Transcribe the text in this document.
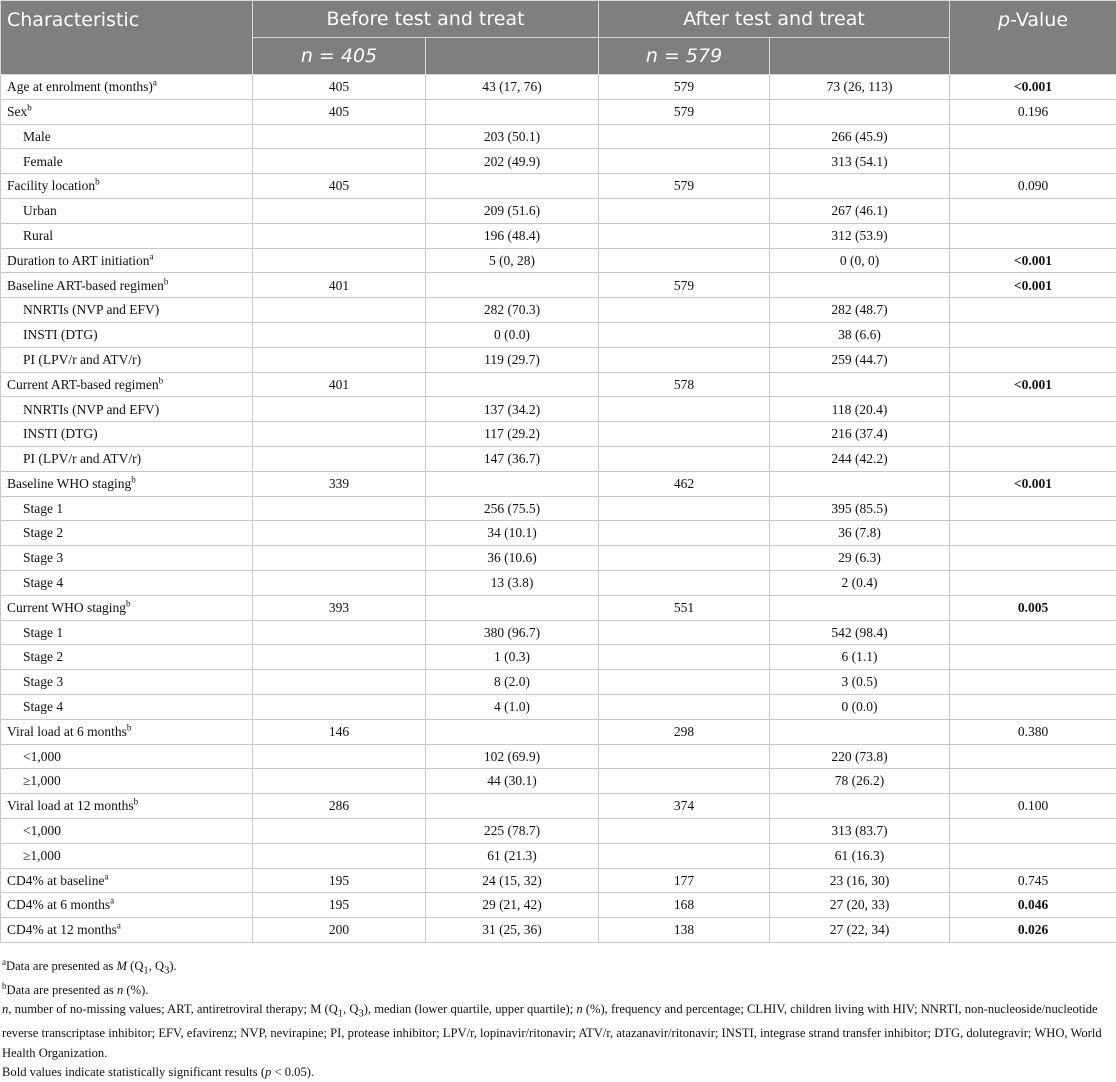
Characteristic	Before test and treat		After test and treat		p-Value
	n = 405		n = 579		
Age at enrolment (months)$^a$	405	43 (17, 76)	579	73 (26, 113)	<0.001
Sex$^b$	405		579		0.196
Male		203 (50.1)		266 (45.9)	
Female		202 (49.9)		313 (54.1)	
Facility location$^b$	405		579		0.090
Urban		209 (51.6)		267 (46.1)	
Rural		196 (48.4)		312 (53.9)	
Duration to ART initiation$^a$		5 (0, 28)		0 (0, 0)	<0.001
Baseline ART-based regimen$^b$	401		579		<0.001
NNRTIs (NVP and EFV)		282 (70.3)		282 (48.7)	
INSTI (DTG)		0 (0.0)		38 (6.6)	
PI (LPV/r and ATV/r)		119 (29.7)		259 (44.7)	
Current ART-based regimen$^b$	401		578		<0.001
NNRTIs (NVP and EFV)		137 (34.2)		118 (20.4)	
INSTI (DTG)		117 (29.2)		216 (37.4)	
PI (LPV/r and ATV/r)		147 (36.7)		244 (42.2)	
Baseline WHO staging$^b$	339		462		<0.001
Stage 1		256 (75.5)		395 (85.5)	
Stage 2		34 (10.1)		36 (7.8)	
Stage 3		36 (10.6)		29 (6.3)	
Stage 4		13 (3.8)		2 (0.4)	
Current WHO staging$^b$	393		551		0.005
Stage 1		380 (96.7)		542 (98.4)	
Stage 2		1 (0.3)		6 (1.1)	
Stage 3		8 (2.0)		3 (0.5)	
Stage 4		4 (1.0)		0 (0.0)	
Viral load at 6 months$^b$	146		298		0.380
<1,000		102 (69.9)		220 (73.8)	
≥1,000		44 (30.1)		78 (26.2)	
Viral load at 12 months$^b$	286		374		0.100
<1,000		225 (78.7)		313 (83.7)	
≥1,000		61 (21.3)		61 (16.3)	
CD4% at baseline$^a$	195	24 (15, 32)	177	23 (16, 30)	0.745
CD4% at 6 months$^a$	195	29 (21, 42)	168	27 (20, 33)	0.046
CD4% at 12 months$^a$	200	31 (25, 36)	138	27 (22, 34)	0.026

$^a$Data are presented as M ($Q_1$, $Q_3$).

$^b$Data are presented as n (%).

n, number of no-missing values; ART, antiretroviral therapy; M ($Q_1$, $Q_3$), median (lower quartile, upper quartile); n (%), frequency and percentage; CLHIV, children living with HIV; NNRTI, non-nucleoside/nucleotide reverse transcriptase inhibitor; EFV, efavirenz; NVP, nevirapine; PI, protease inhibitor; LPV/r, lopinavir/ritonavir; ATV/r, atazanavir/ritonavir; INSTI, integrase strand transfer inhibitor; DTG, dolutegravir; WHO, World Health Organization.

Bold values indicate statistically significant results (p < 0.05).
